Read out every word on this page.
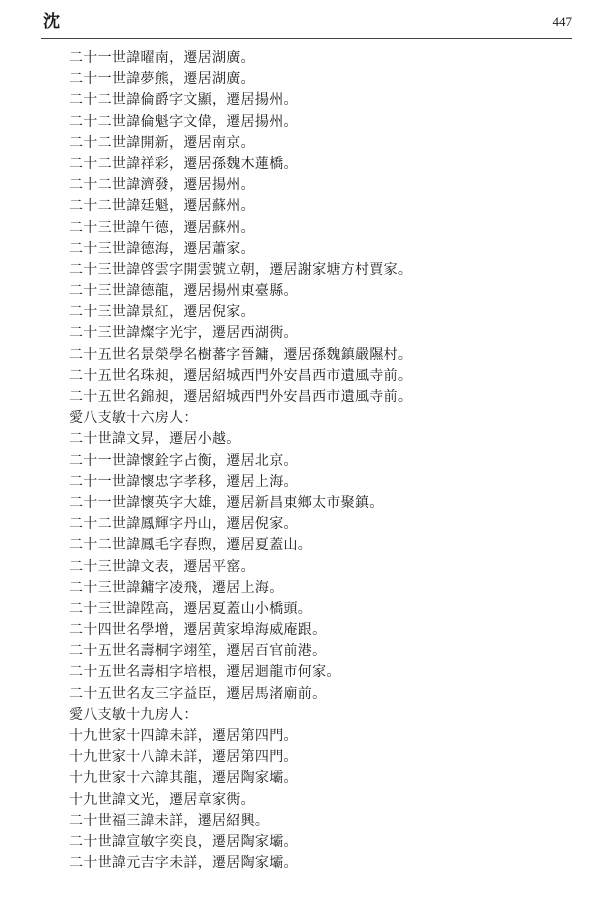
沈	447
二十一世諱曜南，遷居湖廣。
二十一世諱夢熊，遷居湖廣。
二十二世諱倫爵字文顯，遷居揚州。
二十二世諱倫魁字文偉，遷居揚州。
二十二世諱開新，遷居南京。
二十二世諱祥彩，遷居孫魏木蓮橋。
二十二世諱濟發，遷居揚州。
二十二世諱廷魁，遷居蘇州。
二十三世諱午德，遷居蘇州。
二十三世諱德海，遷居蕭家。
二十三世諱啓雲字開雲號立朝，遷居謝家塘方村賈家。
二十三世諱德龍，遷居揚州東臺縣。
二十三世諱景紅，遷居倪家。
二十三世諱燦字光宇，遷居西湖衖。
二十五世名景榮學名樹蕃字晉鏞，遷居孫魏鎮嚴隰村。
二十五世名珠昶，遷居紹城西門外安昌西市遺風寺前。
二十五世名錦昶，遷居紹城西門外安昌西市遺風寺前。
愛八支敏十六房人：
二十世諱文昇，遷居小越。
二十一世諱懷銓字占衡，遷居北京。
二十一世諱懷忠字孝移，遷居上海。
二十一世諱懷英字大雄，遷居新昌東鄉太市聚鎮。
二十二世諱鳳輝字丹山，遷居倪家。
二十二世諱鳳毛字春煦，遷居夏蓋山。
二十三世諱文表，遷居平窰。
二十三世諱鏞字凌飛，遷居上海。
二十三世諱陞高，遷居夏蓋山小橋頭。
二十四世名學增，遷居黄家埠海威庵跟。
二十五世名壽桐字翊笙，遷居百官前港。
二十五世名壽相字培根，遷居迴龍市何家。
二十五世名友三字益臣，遷居馬渚廟前。
愛八支敏十九房人：
十九世家十四諱未詳，遷居第四門。
十九世家十八諱未詳，遷居第四門。
十九世家十六諱其龍，遷居陶家壩。
十九世諱文光，遷居章家衖。
二十世福三諱未詳，遷居紹興。
二十世諱宣敏字奕良，遷居陶家壩。
二十世諱元吉字未詳，遷居陶家壩。
